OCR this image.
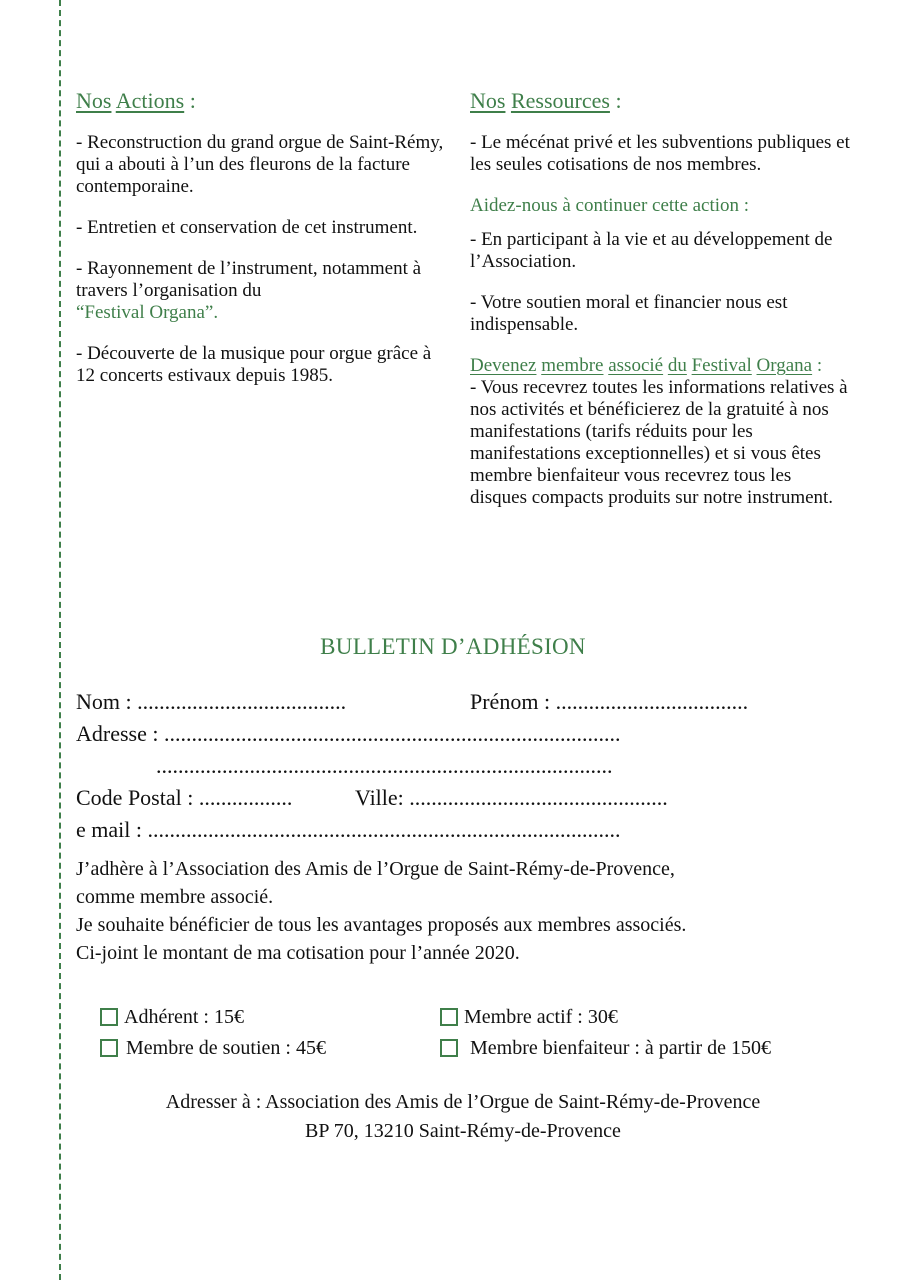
Nos Actions :

- Reconstruction du grand orgue de Saint-Rémy, qui a abouti à l’un des fleurons de la facture contemporaine.

- Entretien et conservation de cet instrument.

- Rayonnement de l’instrument, notamment à travers l’organisation du
“Festival Organa”.

- Découverte de la musique pour orgue grâce à 12 concerts estivaux depuis 1985.

Nos Ressources :

- Le mécénat privé et les subventions publiques et les seules cotisations de nos membres.

Aidez-nous à continuer cette action :

- En participant à la vie et au développement de l’Association.

- Votre soutien moral et financier nous est indispensable.

Devenez membre associé du Festival Organa :

- Vous recevrez toutes les informations relatives à nos activités et bénéficierez de la gratuité à nos manifestations (tarifs réduits pour les manifestations exceptionnelles) et si vous êtes membre bienfaiteur vous recevrez tous les disques compacts produits sur notre instrument.

BULLETIN D’ADHÉSION
Nom : ......................................	Prénom : ...................................
Adresse : ...................................................................................
...................................................................................
Code Postal : .................	Ville: ...............................................
e mail : ......................................................................................
J’adhère à l’Association des Amis de l’Orgue de Saint-Rémy-de-Provence,
comme membre associé.
Je souhaite bénéficier de tous les avantages proposés aux membres associés.
Ci-joint le montant de ma cotisation pour l’année 2020.
Adhérent : 15€	Membre actif : 30€
Membre de soutien : 45€	Membre bienfaiteur : à partir de 150€
Adresser à : Association des Amis de l’Orgue de Saint-Rémy-de-Provence
BP 70, 13210 Saint-Rémy-de-Provence
